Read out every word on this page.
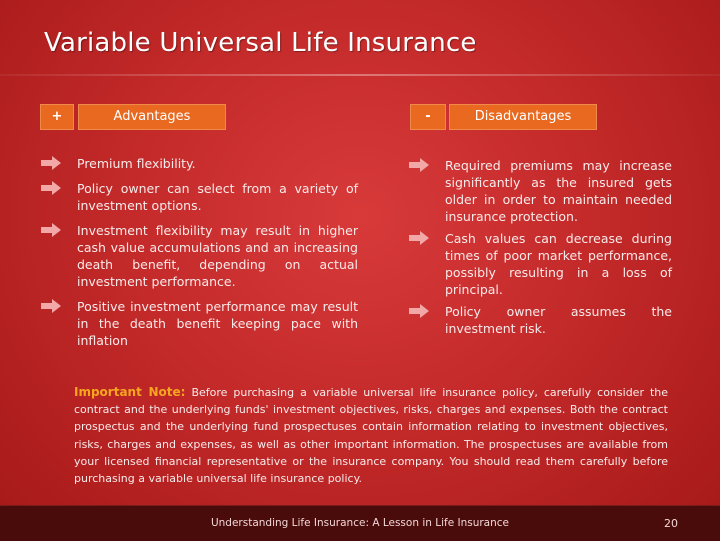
Variable Universal Life Insurance
+	Advantages	-	Disadvantages
Premium flexibility.
Policy owner can select from a variety of investment options.
Investment flexibility may result in higher cash value accumulations and an increasing death benefit, depending on actual investment performance.
Positive investment performance may result in the death benefit keeping pace with inflation
Required premiums may increase significantly as the insured gets older in order to maintain needed insurance protection.
Cash values can decrease during times of poor market performance, possibly resulting in a loss of principal.
Policy owner assumes the investment risk.
Important Note: Before purchasing a variable universal life insurance policy, carefully consider the contract and the underlying funds' investment objectives, risks, charges and expenses. Both the contract prospectus and the underlying fund prospectuses contain information relating to investment objectives, risks, charges and expenses, as well as other important information. The prospectuses are available from your licensed financial representative or the insurance company. You should read them carefully before purchasing a variable universal life insurance policy.
Understanding Life Insurance: A Lesson in Life Insurance	20
